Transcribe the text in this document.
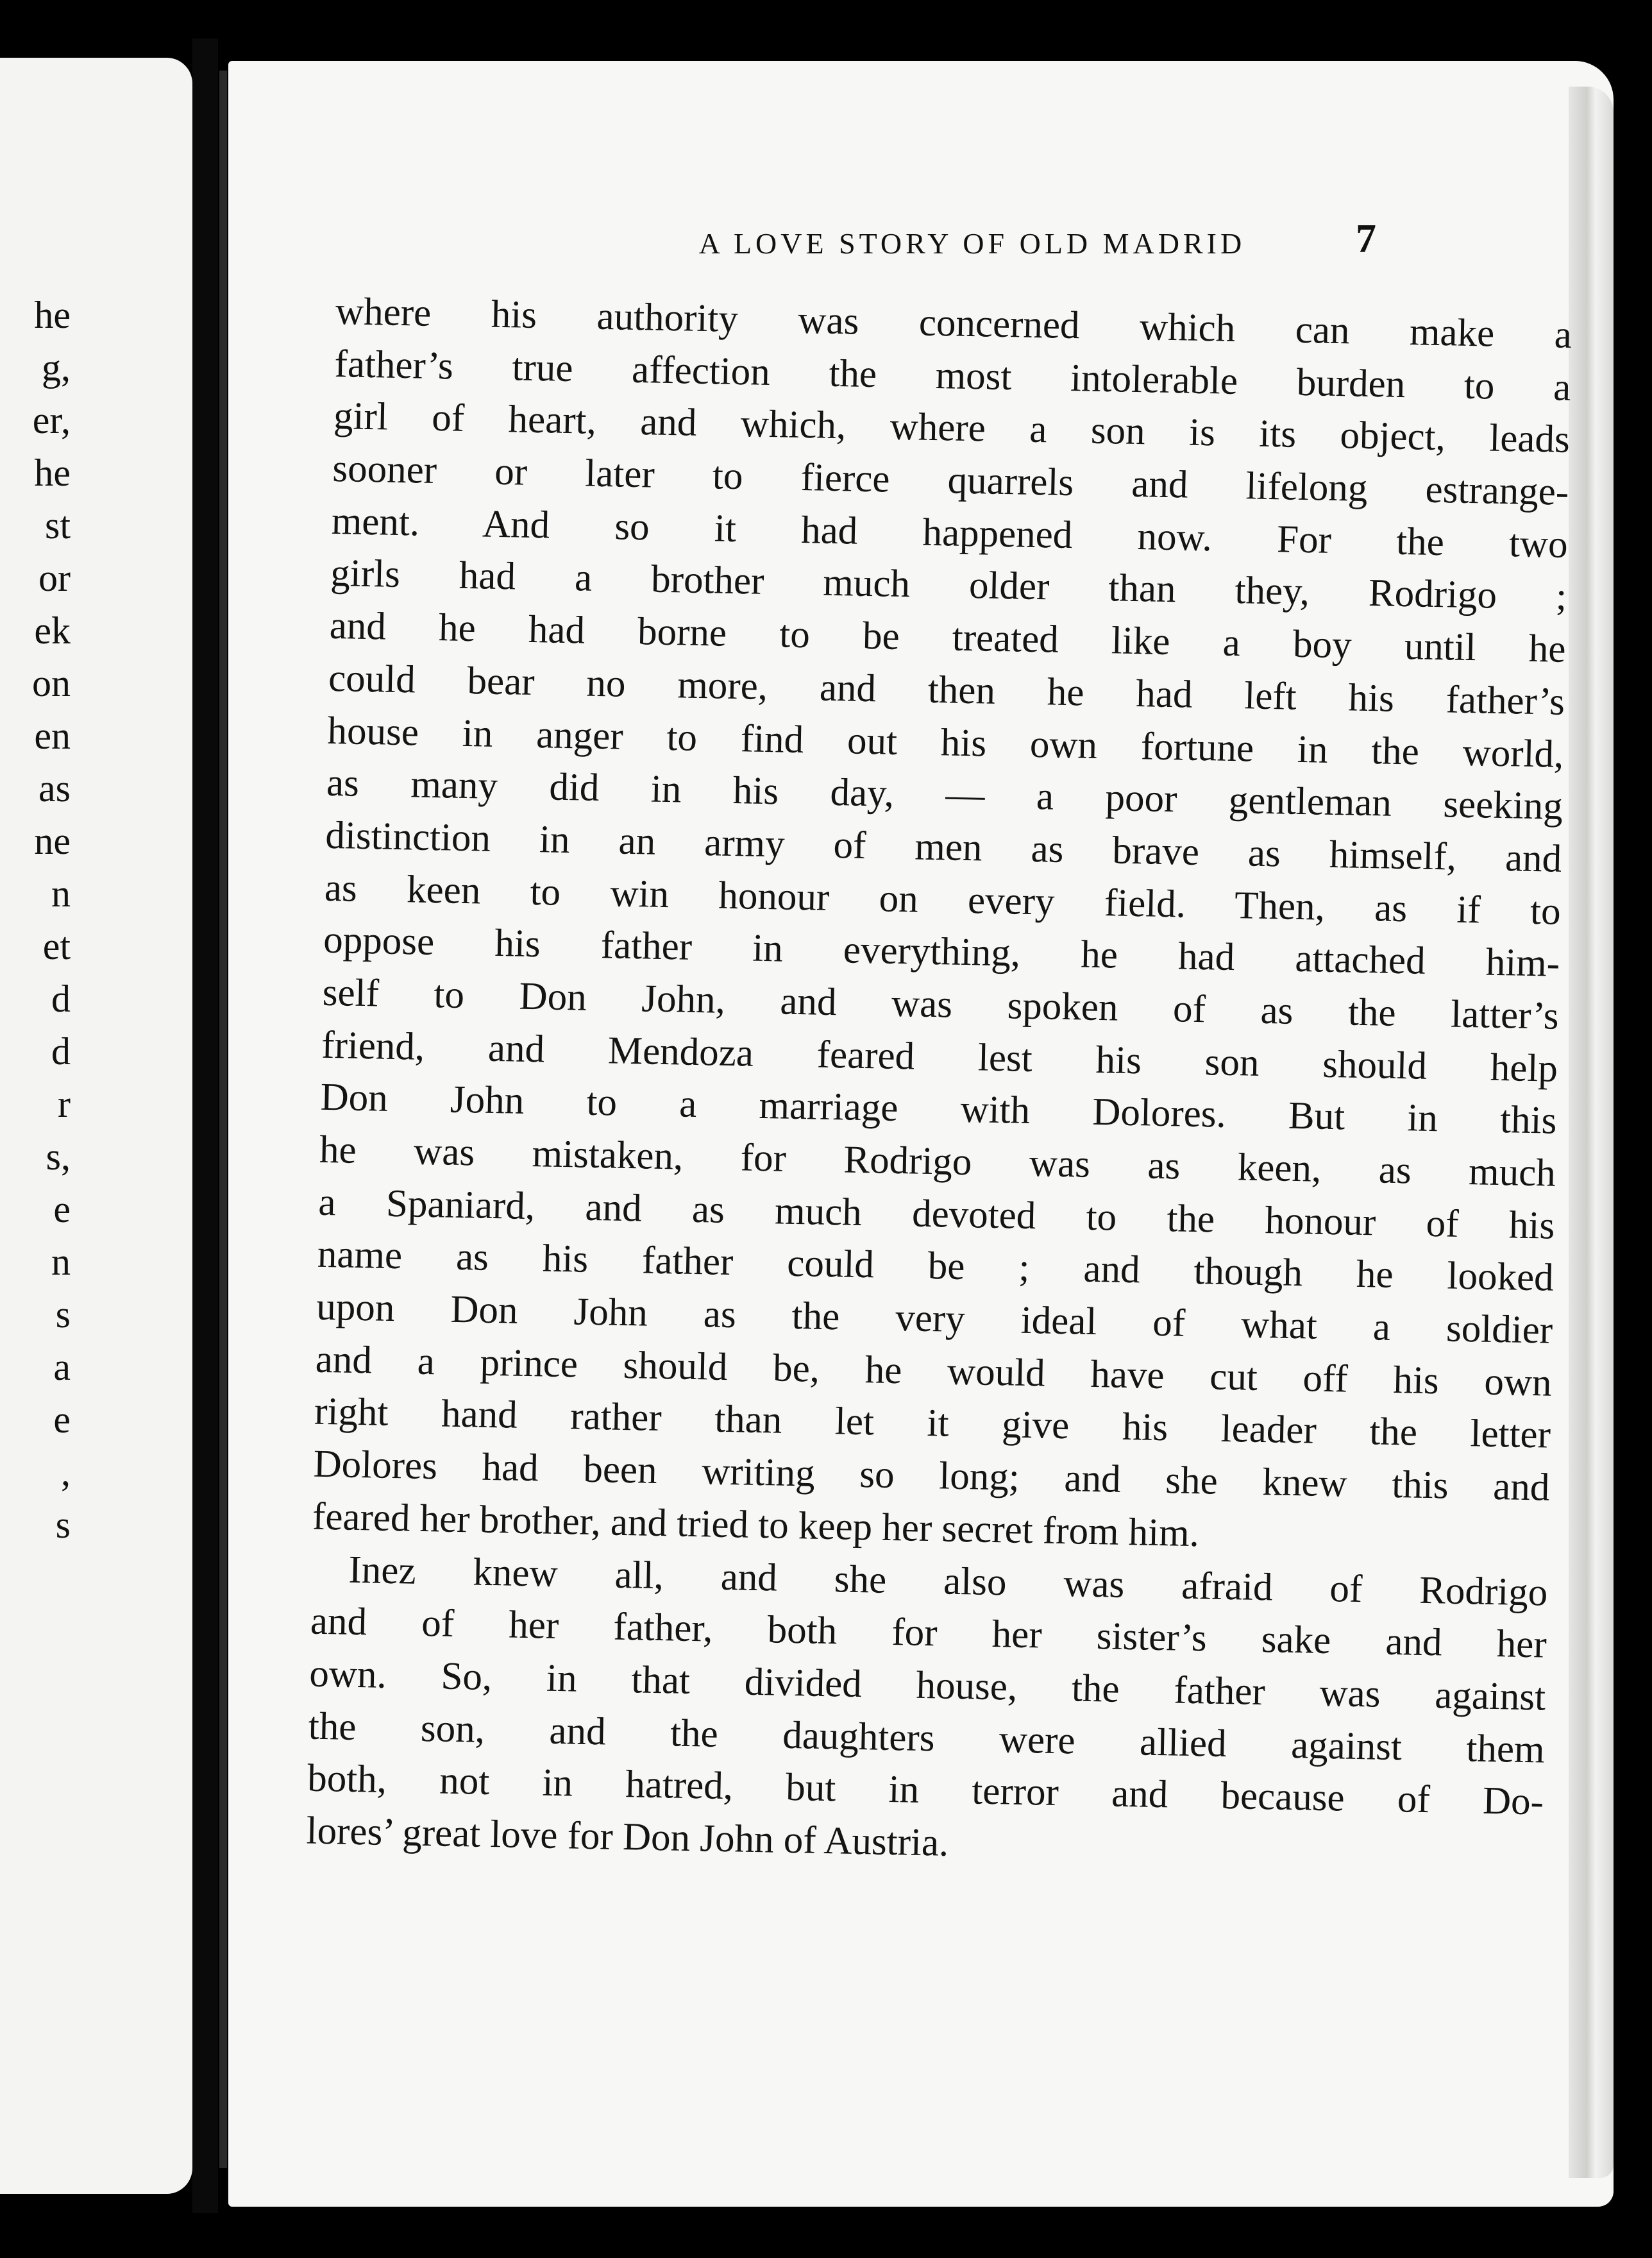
he
g,
er,
he
st
or
ek
on
en
as
ne
n
et
d
d
r
s,
e
n
s
a
e
,
s
A LOVE STORY OF OLD MADRID	7
where his authority was concerned which can make a
father’s true affection the most intolerable burden to a
girl of heart, and which, where a son is its object, leads
sooner or later to fierce quarrels and lifelong estrange-
ment. And so it had happened now. For the two
girls had a brother much older than they, Rodrigo ;
and he had borne to be treated like a boy until he
could bear no more, and then he had left his father’s
house in anger to find out his own fortune in the world,
as many did in his day, — a poor gentleman seeking
distinction in an army of men as brave as himself, and
as keen to win honour on every field. Then, as if to
oppose his father in everything, he had attached him-
self to Don John, and was spoken of as the latter’s
friend, and Mendoza feared lest his son should help
Don John to a marriage with Dolores. But in this
he was mistaken, for Rodrigo was as keen, as much
a Spaniard, and as much devoted to the honour of his
name as his father could be ; and though he looked
upon Don John as the very ideal of what a soldier
and a prince should be, he would have cut off his own
right hand rather than let it give his leader the letter
Dolores had been writing so long; and she knew this and
feared her brother, and tried to keep her secret from him.
Inez knew all, and she also was afraid of Rodrigo
and of her father, both for her sister’s sake and her
own. So, in that divided house, the father was against
the son, and the daughters were allied against them
both, not in hatred, but in terror and because of Do-
lores’ great love for Don John of Austria.
